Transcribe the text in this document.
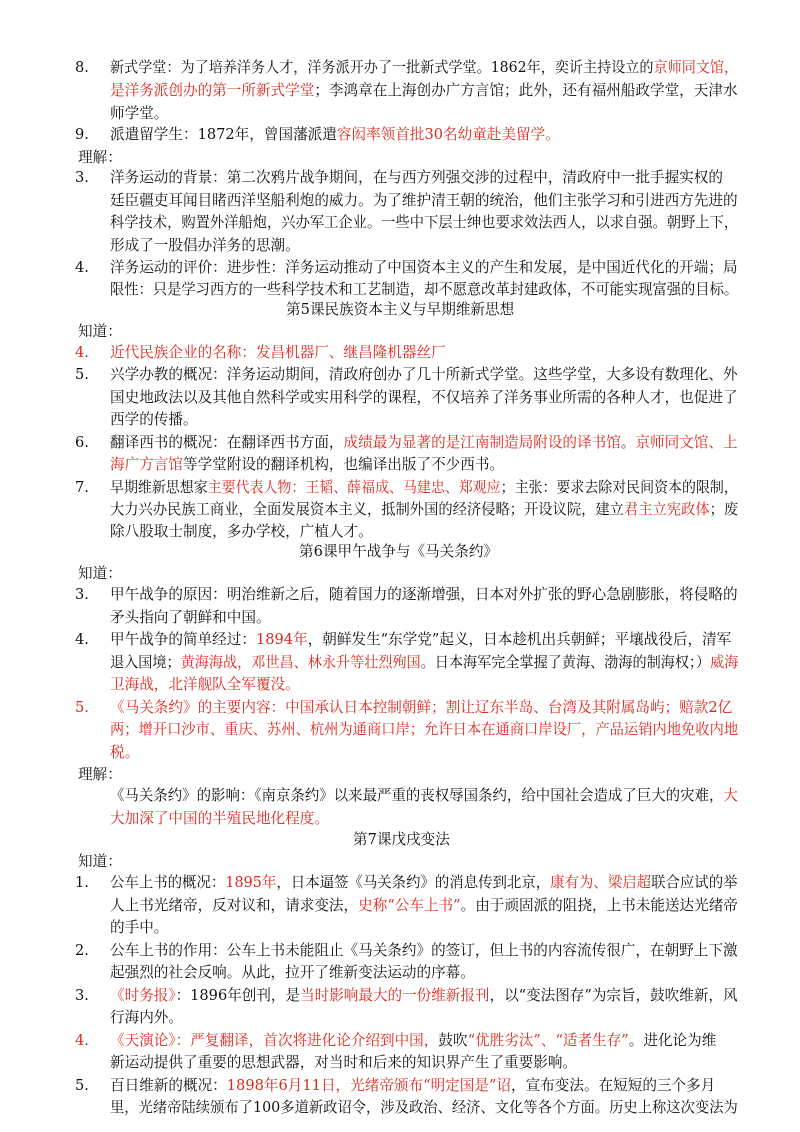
8. 新式学堂：为了培养洋务人才，洋务派开办了一批新式学堂。1862年，奕䜣主持设立的京师同文馆，
是洋务派创办的第一所新式学堂；李鸿章在上海创办广方言馆；此外，还有福州船政学堂，天津水
师学堂。
9. 派遣留学生：1872年，曾国藩派遣容闳率领首批30名幼童赴美留学。
理解：
3. 洋务运动的背景：第二次鸦片战争期间，在与西方列强交涉的过程中，清政府中一批手握实权的
廷臣疆吏耳闻目睹西洋坚船利炮的威力。为了维护清王朝的统治，他们主张学习和引进西方先进的
科学技术，购置外洋船炮，兴办军工企业。一些中下层士绅也要求效法西人，以求自强。朝野上下，
形成了一股倡办洋务的思潮。
4. 洋务运动的评价：进步性：洋务运动推动了中国资本主义的产生和发展，是中国近代化的开端；局
限性：只是学习西方的一些科学技术和工艺制造，却不愿意改革封建政体，不可能实现富强的目标。
第5课民族资本主义与早期维新思想
知道：
4. 近代民族企业的名称：发昌机器厂、继昌隆机器丝厂
5. 兴学办教的概况：洋务运动期间，清政府创办了几十所新式学堂。这些学堂，大多设有数理化、外
国史地政法以及其他自然科学或实用科学的课程，不仅培养了洋务事业所需的各种人才，也促进了
西学的传播。
6. 翻译西书的概况：在翻译西书方面，成绩最为显著的是江南制造局附设的译书馆。京师同文馆、上
海广方言馆等学堂附设的翻译机构，也编译出版了不少西书。
7. 早期维新思想家主要代表人物：王韬、薛福成、马建忠、郑观应；主张：要求去除对民间资本的限制，
大力兴办民族工商业，全面发展资本主义，抵制外国的经济侵略；开设议院，建立君主立宪政体；废
除八股取士制度，多办学校，广植人才。
第6课甲午战争与《马关条约》
知道：
3. 甲午战争的原因：明治维新之后，随着国力的逐渐增强，日本对外扩张的野心急剧膨胀，将侵略的
矛头指向了朝鲜和中国。
4. 甲午战争的简单经过：1894年，朝鲜发生“东学党”起义，日本趁机出兵朝鲜；平壤战役后，清军
退入国境；黄海海战，邓世昌、林永升等壮烈殉国。日本海军完全掌握了黄海、渤海的制海权；）威海
卫海战，北洋舰队全军覆没。
5. 《马关条约》的主要内容：中国承认日本控制朝鲜；割让辽东半岛、台湾及其附属岛屿；赔款2亿
两；增开口沙市、重庆、苏州、杭州为通商口岸；允许日本在通商口岸设厂，产品运销内地免收内地
税。
理解：
《马关条约》的影响：《南京条约》以来最严重的丧权辱国条约，给中国社会造成了巨大的灾难，大
大加深了中国的半殖民地化程度。
第7课戊戌变法
知道：
1. 公车上书的概况：1895年，日本逼签《马关条约》的消息传到北京，康有为、梁启超联合应试的举
人上书光绪帝，反对议和，请求变法，史称“公车上书”。由于顽固派的阻挠，上书未能送达光绪帝
的手中。
2. 公车上书的作用：公车上书未能阻止《马关条约》的签订，但上书的内容流传很广，在朝野上下激
起强烈的社会反响。从此，拉开了维新变法运动的序幕。
3. 《时务报》：1896年创刊，是当时影响最大的一份维新报刊，以“变法图存”为宗旨，鼓吹维新，风
行海内外。
4. 《天演论》：严复翻译，首次将进化论介绍到中国，鼓吹“优胜劣汰”、“适者生存”。进化论为维
新运动提供了重要的思想武器，对当时和后来的知识界产生了重要影响。
5. 百日维新的概况：1898年6月11日，光绪帝颁布“明定国是”诏，宣布变法。在短短的三个多月
里，光绪帝陆续颁布了100多道新政诏令，涉及政治、经济、文化等各个方面。历史上称这次变法为
